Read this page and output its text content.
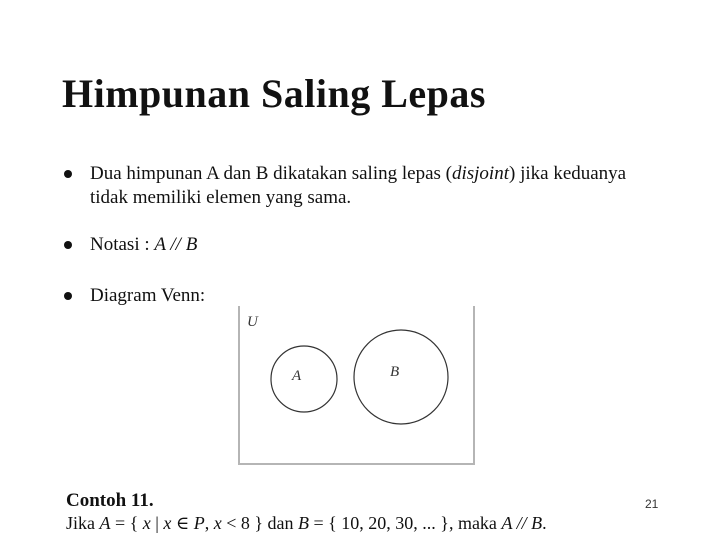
Himpunan Saling Lepas
Dua himpunan A dan B dikatakan saling lepas (disjoint) jika keduanya
tidak memiliki elemen yang sama.
Notasi : A // B
Diagram Venn:
U
A	B
Contoh 11.
Jika A = { x | x ∈ P, x < 8 } dan B = { 10, 20, 30, ... }, maka A // B.
21
